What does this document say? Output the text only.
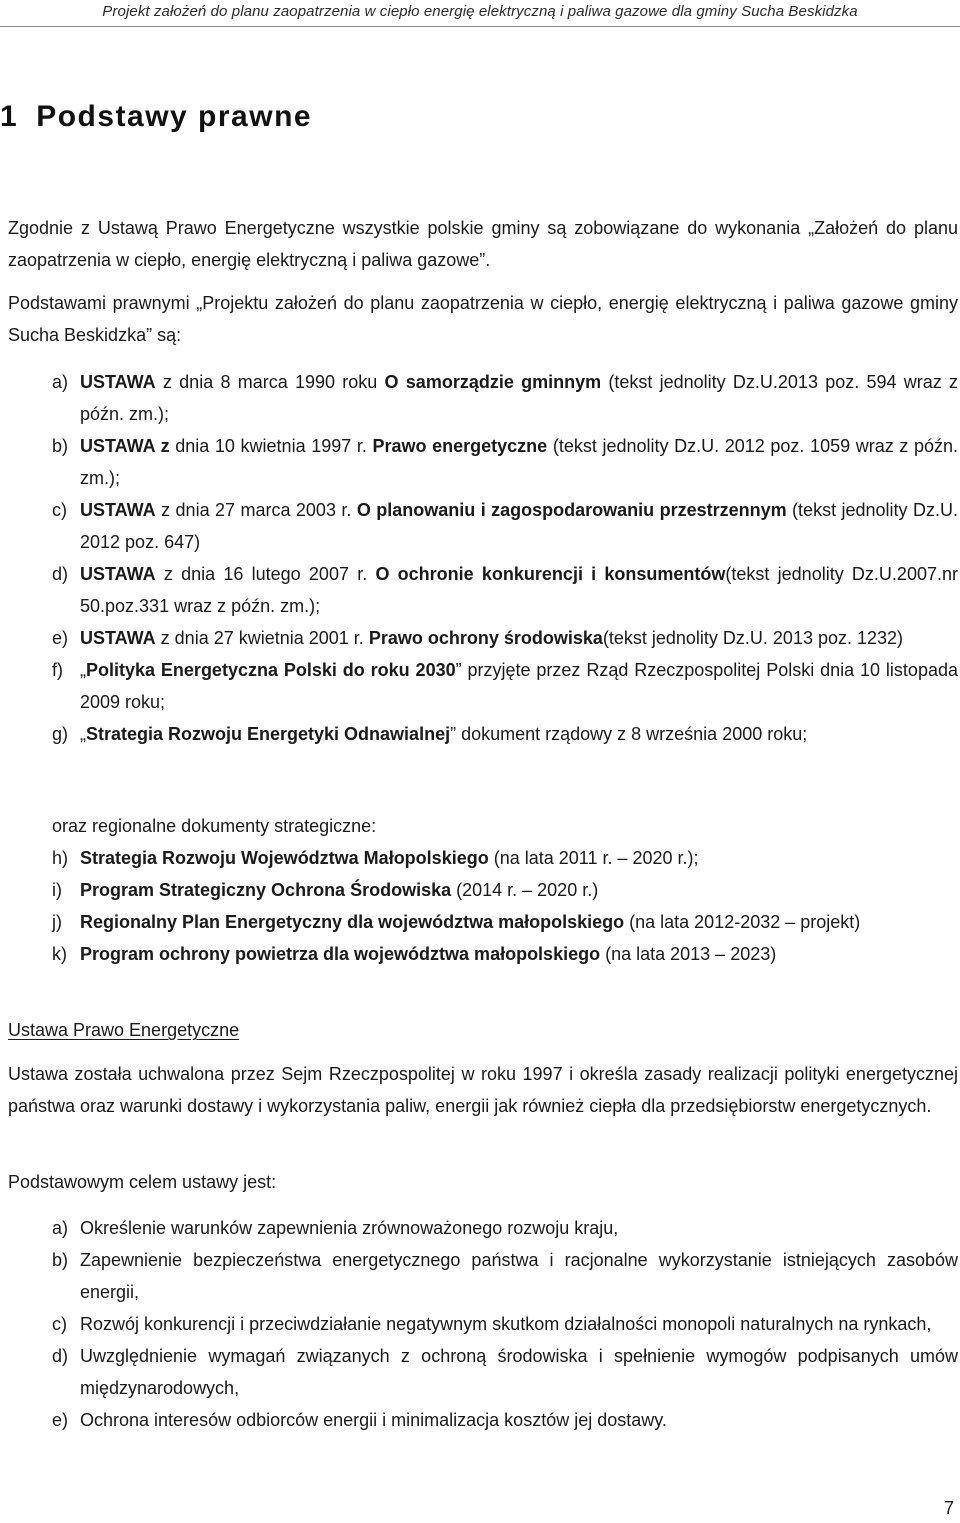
Projekt założeń do planu zaopatrzenia w ciepło energię elektryczną i paliwa gazowe dla gminy Sucha Beskidzka
1 Podstawy prawne
Zgodnie z Ustawą Prawo Energetyczne wszystkie polskie gminy są zobowiązane do wykonania „Założeń do planu zaopatrzenia w ciepło, energię elektryczną i paliwa gazowe”.
Podstawami prawnymi „Projektu założeń do planu zaopatrzenia w ciepło, energię elektryczną i paliwa gazowe gminy Sucha Beskidzka” są:
a) USTAWA z dnia 8 marca 1990 roku O samorządzie gminnym (tekst jednolity Dz.U.2013 poz. 594 wraz z późn. zm.);
b) USTAWA z dnia 10 kwietnia 1997 r. Prawo energetyczne (tekst jednolity Dz.U. 2012 poz. 1059 wraz z późn. zm.);
c) USTAWA z dnia 27 marca 2003 r. O planowaniu i zagospodarowaniu przestrzennym (tekst jednolity Dz.U. 2012 poz. 647)
d) USTAWA z dnia 16 lutego 2007 r. O ochronie konkurencji i konsumentów(tekst jednolity Dz.U.2007.nr 50.poz.331 wraz z późn. zm.);
e) USTAWA z dnia 27 kwietnia 2001 r. Prawo ochrony środowiska(tekst jednolity Dz.U. 2013 poz. 1232)
f) „Polityka Energetyczna Polski do roku 2030” przyjęte przez Rząd Rzeczpospolitej Polski dnia 10 listopada 2009 roku;
g) „Strategia Rozwoju Energetyki Odnawialnej” dokument rządowy z 8 września 2000 roku;
oraz regionalne dokumenty strategiczne:
h) Strategia Rozwoju Województwa Małopolskiego (na lata 2011 r. – 2020 r.);
i) Program Strategiczny Ochrona Środowiska (2014 r. – 2020 r.)
j) Regionalny Plan Energetyczny dla województwa małopolskiego (na lata 2012-2032 – projekt)
k) Program ochrony powietrza dla województwa małopolskiego (na lata 2013 – 2023)
Ustawa Prawo Energetyczne
Ustawa została uchwalona przez Sejm Rzeczpospolitej w roku 1997 i określa zasady realizacji polityki energetycznej państwa oraz warunki dostawy i wykorzystania paliw, energii jak również ciepła dla przedsiębiorstw energetycznych.
Podstawowym celem ustawy jest:
a) Określenie warunków zapewnienia zrównoważonego rozwoju kraju,
b) Zapewnienie bezpieczeństwa energetycznego państwa i racjonalne wykorzystanie istniejących zasobów energii,
c) Rozwój konkurencji i przeciwdziałanie negatywnym skutkom działalności monopoli naturalnych na rynkach,
d) Uwzględnienie wymagań związanych z ochroną środowiska i spełnienie wymogów podpisanych umów międzynarodowych,
e) Ochrona interesów odbiorców energii i minimalizacja kosztów jej dostawy.
7
